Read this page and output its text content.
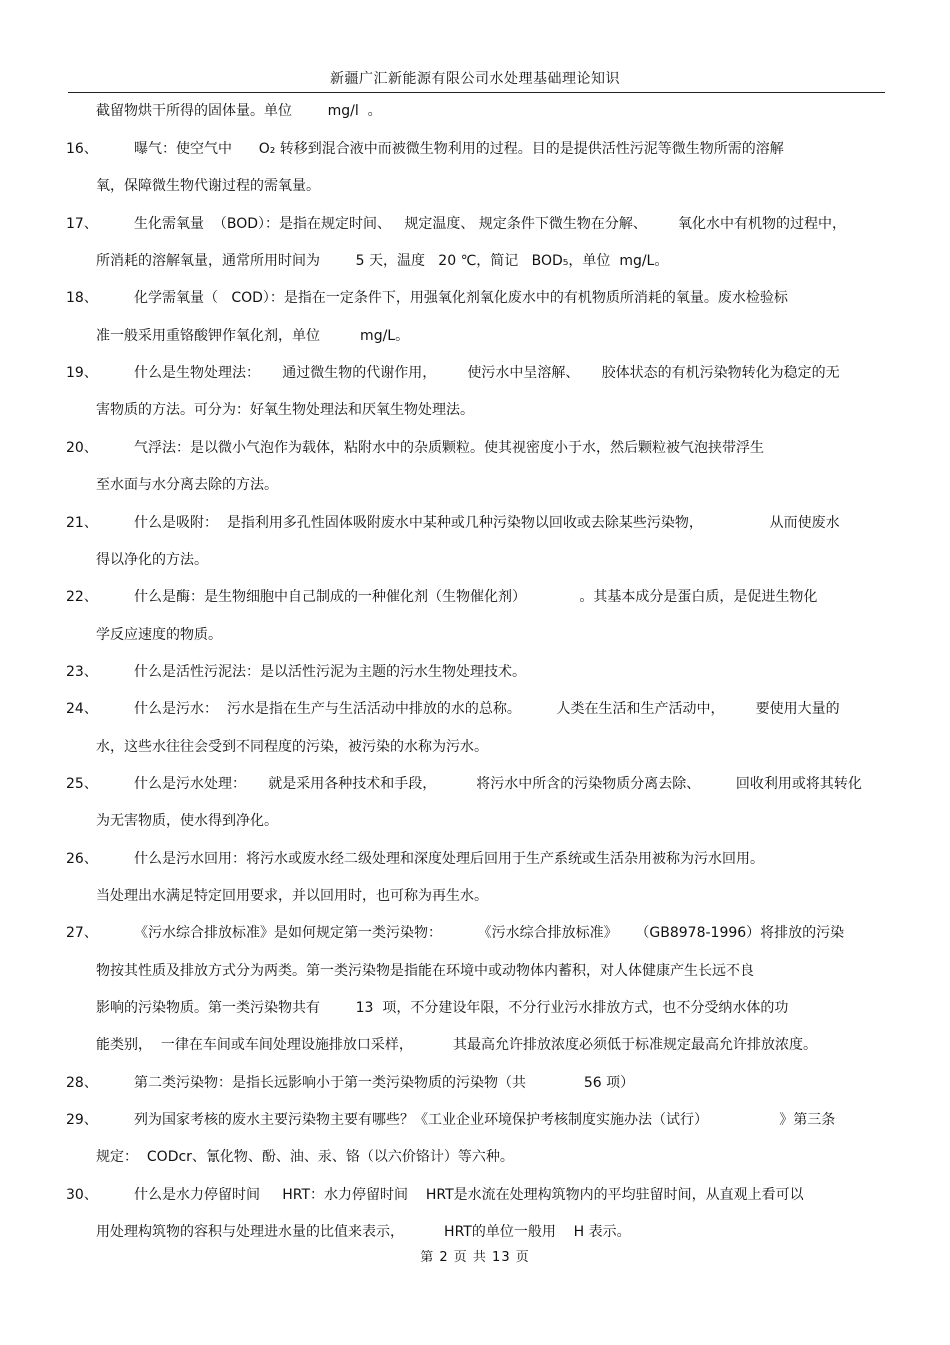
新疆广汇新能源有限公司水处理基础理论知识
截留物烘干所得的固体量。单位        mg/l  。
16、	曝气：使空气中      O₂ 转移到混合液中而被微生物利用的过程。目的是提供活性污泥等微生物所需的溶解
氧，保障微生物代谢过程的需氧量。
17、	生化需氧量  （BOD）：是指在规定时间、   规定温度、 规定条件下微生物在分解、       氧化水中有机物的过程中，
所消耗的溶解氧量，通常所用时间为        5 天，温度   20 ℃，简记   BOD₅，单位  mg/L。
18、	化学需氧量（   COD）：是指在一定条件下，用强氧化剂氧化废水中的有机物质所消耗的氧量。废水检验标
准一般采用重铬酸钾作氧化剂，单位         mg/L。
19、	什么是生物处理法：     通过微生物的代谢作用，       使污水中呈溶解、     胶体状态的有机污染物转化为稳定的无
害物质的方法。可分为：好氧生物处理法和厌氧生物处理法。
20、	气浮法：是以微小气泡作为载体，粘附水中的杂质颗粒。使其视密度小于水，然后颗粒被气泡挟带浮生
至水面与水分离去除的方法。
21、	什么是吸附：  是指利用多孔性固体吸附废水中某种或几种污染物以回收或去除某些污染物，               从而使废水
得以净化的方法。
22、	什么是酶：是生物细胞中自己制成的一种催化剂（生物催化剂）            。其基本成分是蛋白质，是促进生物化
学反应速度的物质。
23、	什么是活性污泥法：是以活性污泥为主题的污水生物处理技术。
24、	什么是污水：  污水是指在生产与生活活动中排放的水的总称。        人类在生活和生产活动中，       要使用大量的
水，这些水往往会受到不同程度的污染，被污染的水称为污水。
25、	什么是污水处理：     就是采用各种技术和手段，         将污水中所含的污染物质分离去除、        回收利用或将其转化
为无害物质，使水得到净化。
26、	什么是污水回用：将污水或废水经二级处理和深度处理后回用于生产系统或生活杂用被称为污水回用。
当处理出水满足特定回用要求，并以回用时，也可称为再生水。
27、	《污水综合排放标准》是如何规定第一类污染物：        《污水综合排放标准》    （GB8978-1996）将排放的污染
物按其性质及排放方式分为两类。第一类污染物是指能在环境中或动物体内蓄积，对人体健康产生长远不良
影响的污染物质。第一类污染物共有        13  项，不分建设年限，不分行业污水排放方式，也不分受纳水体的功
能类别，  一律在车间或车间处理设施排放口采样，         其最高允许排放浓度必须低于标准规定最高允许排放浓度。
28、	第二类污染物：是指长远影响小于第一类污染物质的污染物（共             56 项）
29、	列为国家考核的废水主要污染物主要有哪些？《工业企业环境保护考核制度实施办法（试行）                》第三条
规定：  CODcr、氰化物、酚、油、汞、铬（以六价铬计）等六种。
30、	什么是水力停留时间     HRT：水力停留时间    HRT是水流在处理构筑物内的平均驻留时间，从直观上看可以
用处理构筑物的容积与处理进水量的比值来表示，         HRT的单位一般用    H 表示。
第 2 页 共 13 页
